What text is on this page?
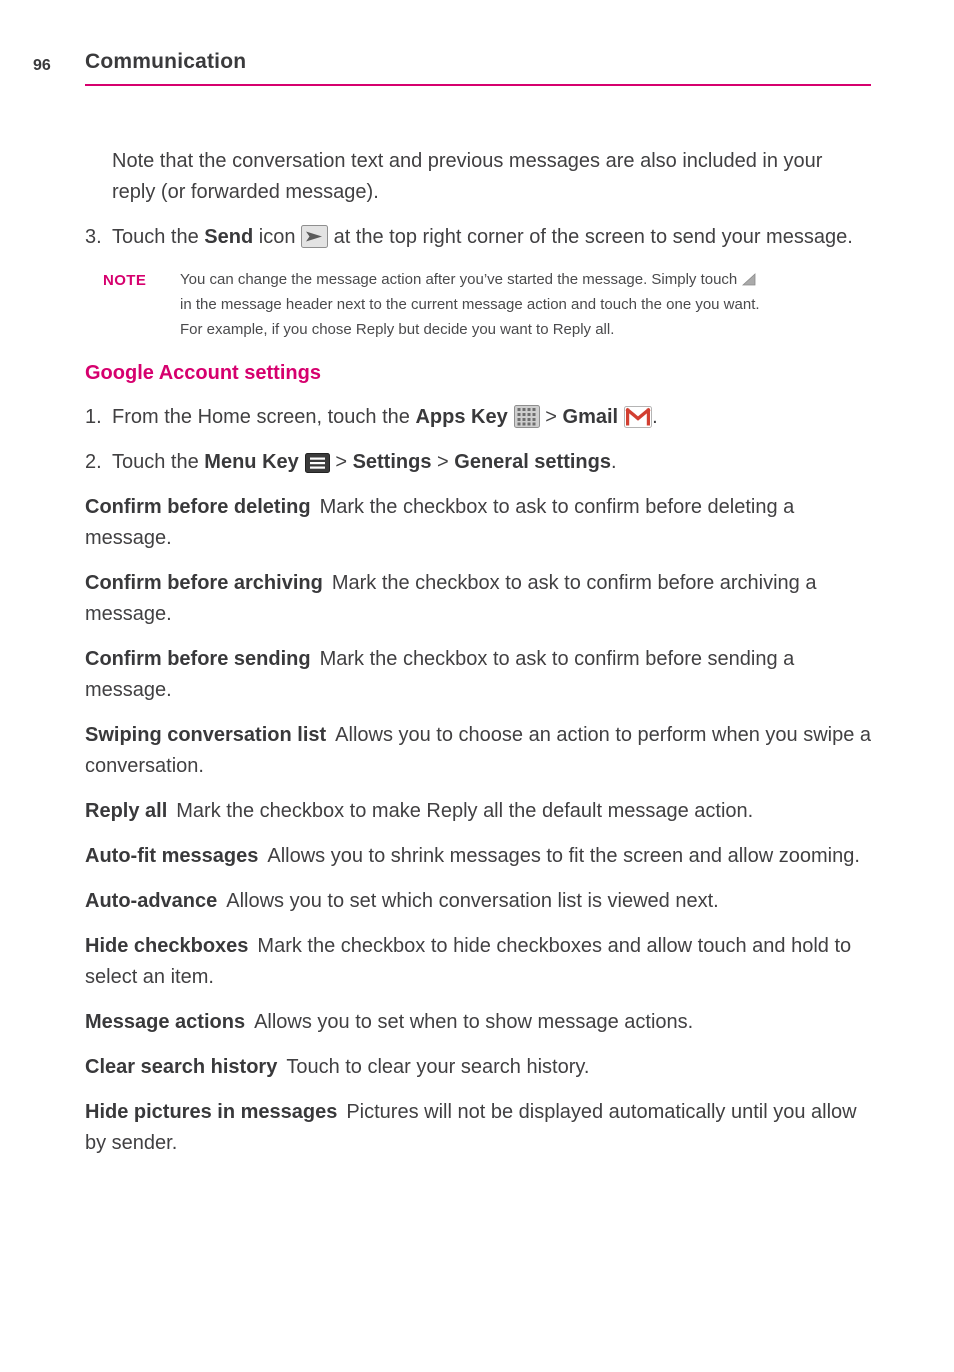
96 Communication

Note that the conversation text and previous messages are also included in your reply (or forwarded message).

3. Touch the Send icon  at the top right corner of the screen to send your message.
NOTE	You can change the message action after you’ve started the message. Simply touch
in the message header next to the current message action and touch the one you want.
For example, if you chose Reply but decide you want to Reply all.
Google Account settings
1. From the Home screen, touch the Apps Key > Gmail .
2. Touch the Menu Key > Settings > General settings.

Confirm before deleting Mark the checkbox to ask to confirm before deleting a message.

Confirm before archiving Mark the checkbox to ask to confirm before archiving a message.

Confirm before sending Mark the checkbox to ask to confirm before sending a message.

Swiping conversation list Allows you to choose an action to perform when you swipe a conversation.

Reply all Mark the checkbox to make Reply all the default message action.

Auto-fit messages Allows you to shrink messages to fit the screen and allow zooming.

Auto-advance Allows you to set which conversation list is viewed next.

Hide checkboxes Mark the checkbox to hide checkboxes and allow touch and hold to select an item.

Message actions Allows you to set when to show message actions.

Clear search history Touch to clear your search history.

Hide pictures in messages Pictures will not be displayed automatically until you allow by sender.
